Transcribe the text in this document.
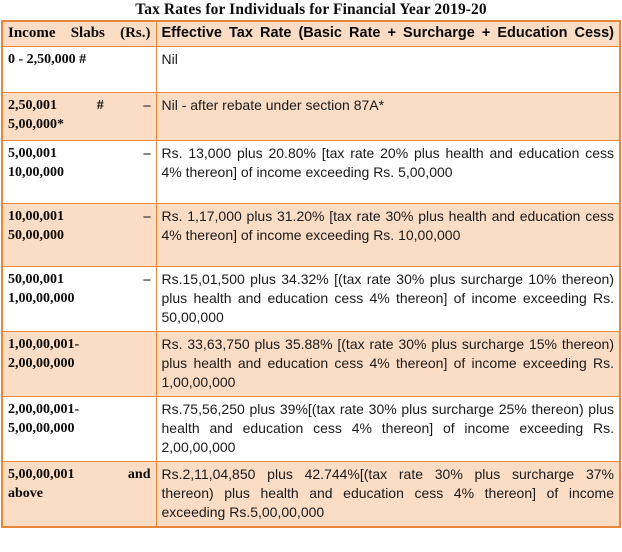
Tax Rates for Individuals for Financial Year 2019-20
Income Slabs (Rs.)	Effective Tax Rate (Basic Rate + Surcharge + Education Cess)

0 - 2,50,000 #	Nil

2,50,001 # –
5,00,000*	Nil - after rebate under section 87A*

5,00,001 –
10,00,000	Rs. 13,000 plus 20.80% [tax rate 20% plus health and education cess 4% thereon] of income exceeding Rs. 5,00,000

10,00,001 –
50,00,000	Rs. 1,17,000 plus 31.20% [tax rate 30% plus health and education cess 4% thereon] of income exceeding Rs. 10,00,000

50,00,001 –
1,00,00,000	Rs.15,01,500 plus 34.32% [(tax rate 30% plus surcharge 10% thereon) plus health and education cess 4% thereon] of income exceeding Rs. 50,00,000

1,00,00,001-
2,00,00,000	Rs. 33,63,750 plus 35.88% [(tax rate 30% plus surcharge 15% thereon) plus health and education cess 4% thereon] of income exceeding Rs. 1,00,00,000

2,00,00,001-
5,00,00,000	Rs.75,56,250 plus 39%[(tax rate 30% plus surcharge 25% thereon) plus health and education cess 4% thereon] of income exceeding Rs. 2,00,00,000

5,00,00,001 and
above	Rs.2,11,04,850 plus 42.744%[(tax rate 30% plus surcharge 37% thereon) plus health and education cess 4% thereon] of income exceeding Rs.5,00,00,000
